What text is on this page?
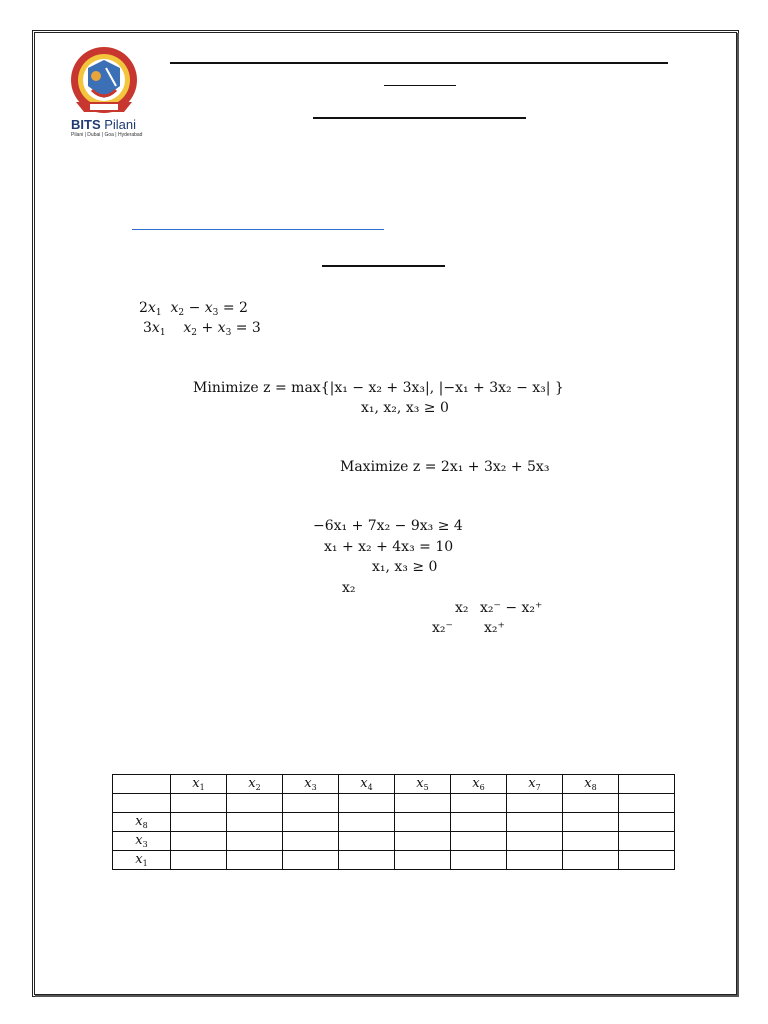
BITS Pilani
Pilani | Dubai | Goa | Hyderabad
$2x_1$ $x_2 - x_3 = 2$
$3x_1$ $x_2 + x_3 = 3$
Minimize z = max{|x₁ − x₂ + 3x₃|, |−x₁ + 3x₂ − x₃| }
x₁, x₂, x₃ ≥ 0
Maximize z = 2x₁ + 3x₂ + 5x₃
−6x₁ + 7x₂ − 9x₃ ≥ 4
x₁ + x₂ + 4x₃ = 10
x₁, x₃ ≥ 0
x₂
x₂ x₂⁻ − x₂⁺
x₂⁻ x₂⁺
	$x_1$	$x_2$	$x_3$	$x_4$	$x_5$	$x_6$	$x_7$	$x_8$	

$x_8$									
$x_3$									
$x_1$									
